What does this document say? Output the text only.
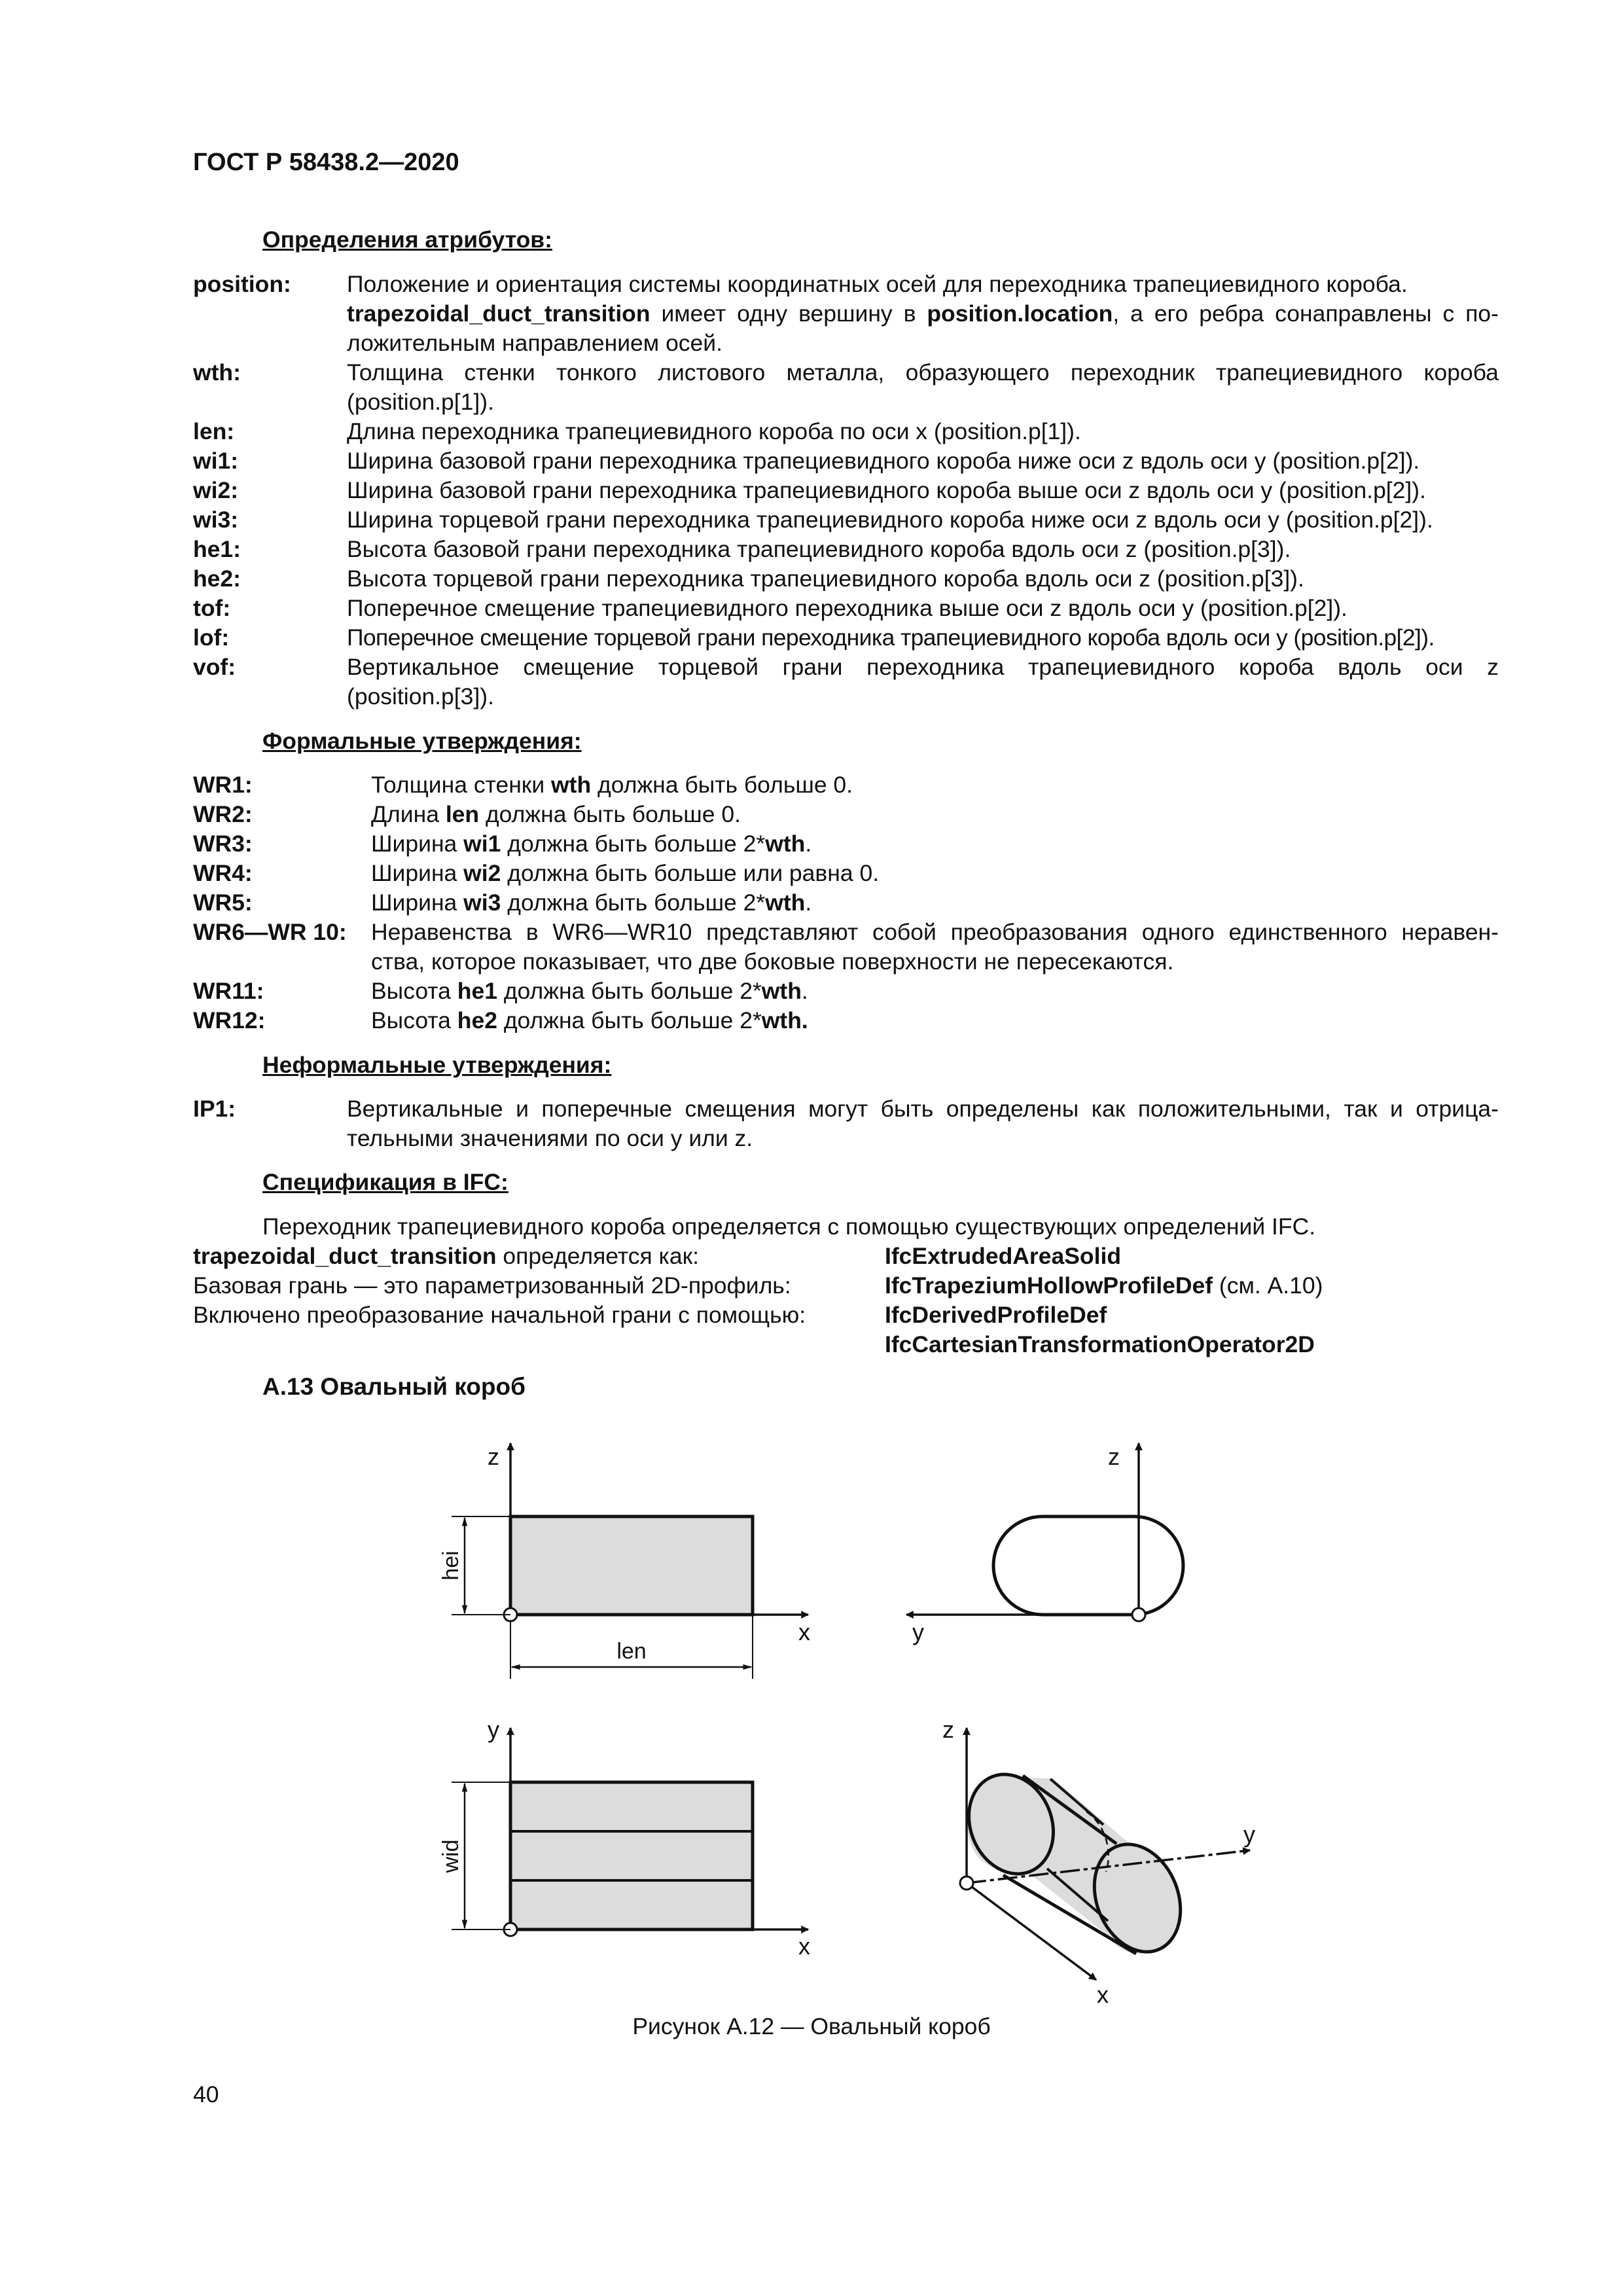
ГОСТ Р 58438.2—2020
Определения атрибутов:
position: Положение и ориентация системы координатных осей для переходника трапециевидного короба.
trapezoidal_duct_transition имеет одну вершину в position.location, а его ребра сонаправлены с по-
ложительным направлением осей.
wth:	Толщина стенки тонкого листового металла, образующего переходник трапециевидного короба
(position.p[1]).
len:	Длина переходника трапециевидного короба по оси x (position.p[1]).
wi1:	Ширина базовой грани переходника трапециевидного короба ниже оси z вдоль оси y (position.p[2]).
wi2:	Ширина базовой грани переходника трапециевидного короба выше оси z вдоль оси y (position.p[2]).
wi3:	Ширина торцевой грани переходника трапециевидного короба ниже оси z вдоль оси y (position.p[2]).
he1:	Высота базовой грани переходника трапециевидного короба вдоль оси z (position.p[3]).
he2:	Высота торцевой грани переходника трапециевидного короба вдоль оси z (position.p[3]).
tof:	Поперечное смещение трапециевидного переходника выше оси z вдоль оси y (position.p[2]).
lof:	Поперечное смещение торцевой грани переходника трапециевидного короба вдоль оси y (position.p[2]).
vof:	Вертикальное смещение торцевой грани переходника трапециевидного короба вдоль оси z
(position.p[3]).
Формальные утверждения:
WR1:	Толщина стенки wth должна быть больше 0.
WR2:	Длина len должна быть больше 0.
WR3:	Ширина wi1 должна быть больше 2*wth.
WR4:	Ширина wi2 должна быть больше или равна 0.
WR5:	Ширина wi3 должна быть больше 2*wth.
WR6—WR 10: Неравенства в WR6—WR10 представляют собой преобразования одного единственного неравен-
ства, которое показывает, что две боковые поверхности не пересекаются.
WR11:	Высота he1 должна быть больше 2*wth.
WR12:	Высота he2 должна быть больше 2*wth.
Неформальные утверждения:
IP1:	Вертикальные и поперечные смещения могут быть определены как положительными, так и отрица-
тельными значениями по оси y или z.
Спецификация в IFC:
Переходник трапециевидного короба определяется с помощью существующих определений IFC.
trapezoidal_duct_transition определяется как:	IfcExtrudedAreaSolid
Базовая грань — это параметризованный 2D-профиль:	IfcTrapeziumHollowProfileDef (см. А.10)
Включено преобразование начальной грани с помощью:	IfcDerivedProfileDef
IfcCartesianTransformationOperator2D
А.13 Овальный короб
z
x
hei
len
z
y
y
x
wid
z
y
x
Рисунок А.12 — Овальный короб
40
